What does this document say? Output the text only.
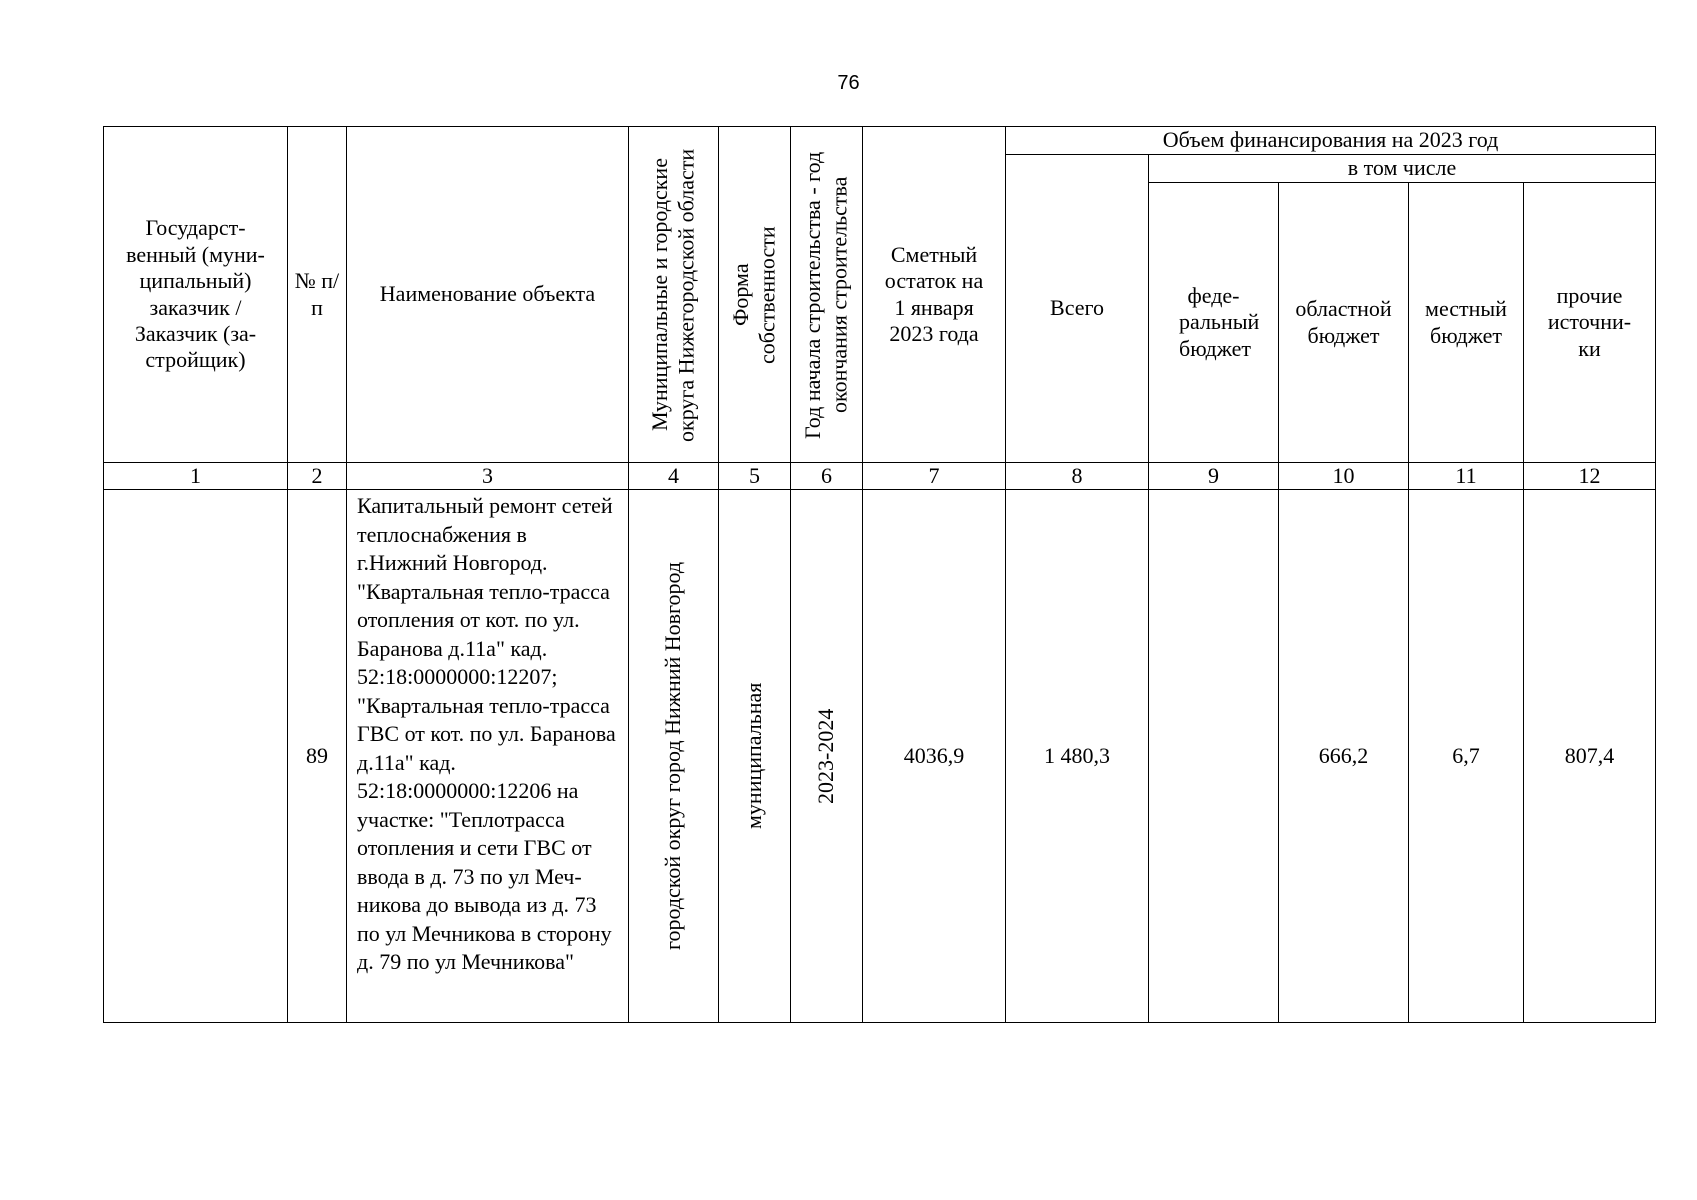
76
Государст-венный (муни-ципальный) заказчик / Заказчик (за-стройщик)	№ п/п	Наименование объекта	Муниципальные и городские округа Нижегородской области	Форма собственности	Год начала строительства - год окончания строительства	Сметный остаток на 1 января 2023 года	Объем финансирования на 2023 год				
							Всего	в том числе			
								феде-ральный бюджет	областной бюджет	местный бюджет	прочие источни-ки
1	2	3	4	5	6	7	8	9	10	11	12
	89	Капитальный ремонт сетей теплоснабжения в г.Нижний Новгород. "Квартальная тепло-трасса отопления от кот. по ул. Баранова д.11а" кад. 52:18:0000000:12207; "Квартальная тепло-трасса ГВС от кот. по ул. Баранова д.11а" кад. 52:18:0000000:12206 на участке: "Теплотрасса отопления и сети ГВС от ввода в д. 73 по ул Меч-никова до вывода из д. 73 по ул Мечникова в сторону д. 79 по ул Мечникова"	городской округ город Нижний Новгород	муниципальная	2023-2024	4036,9	1 480,3		666,2	6,7	807,4
